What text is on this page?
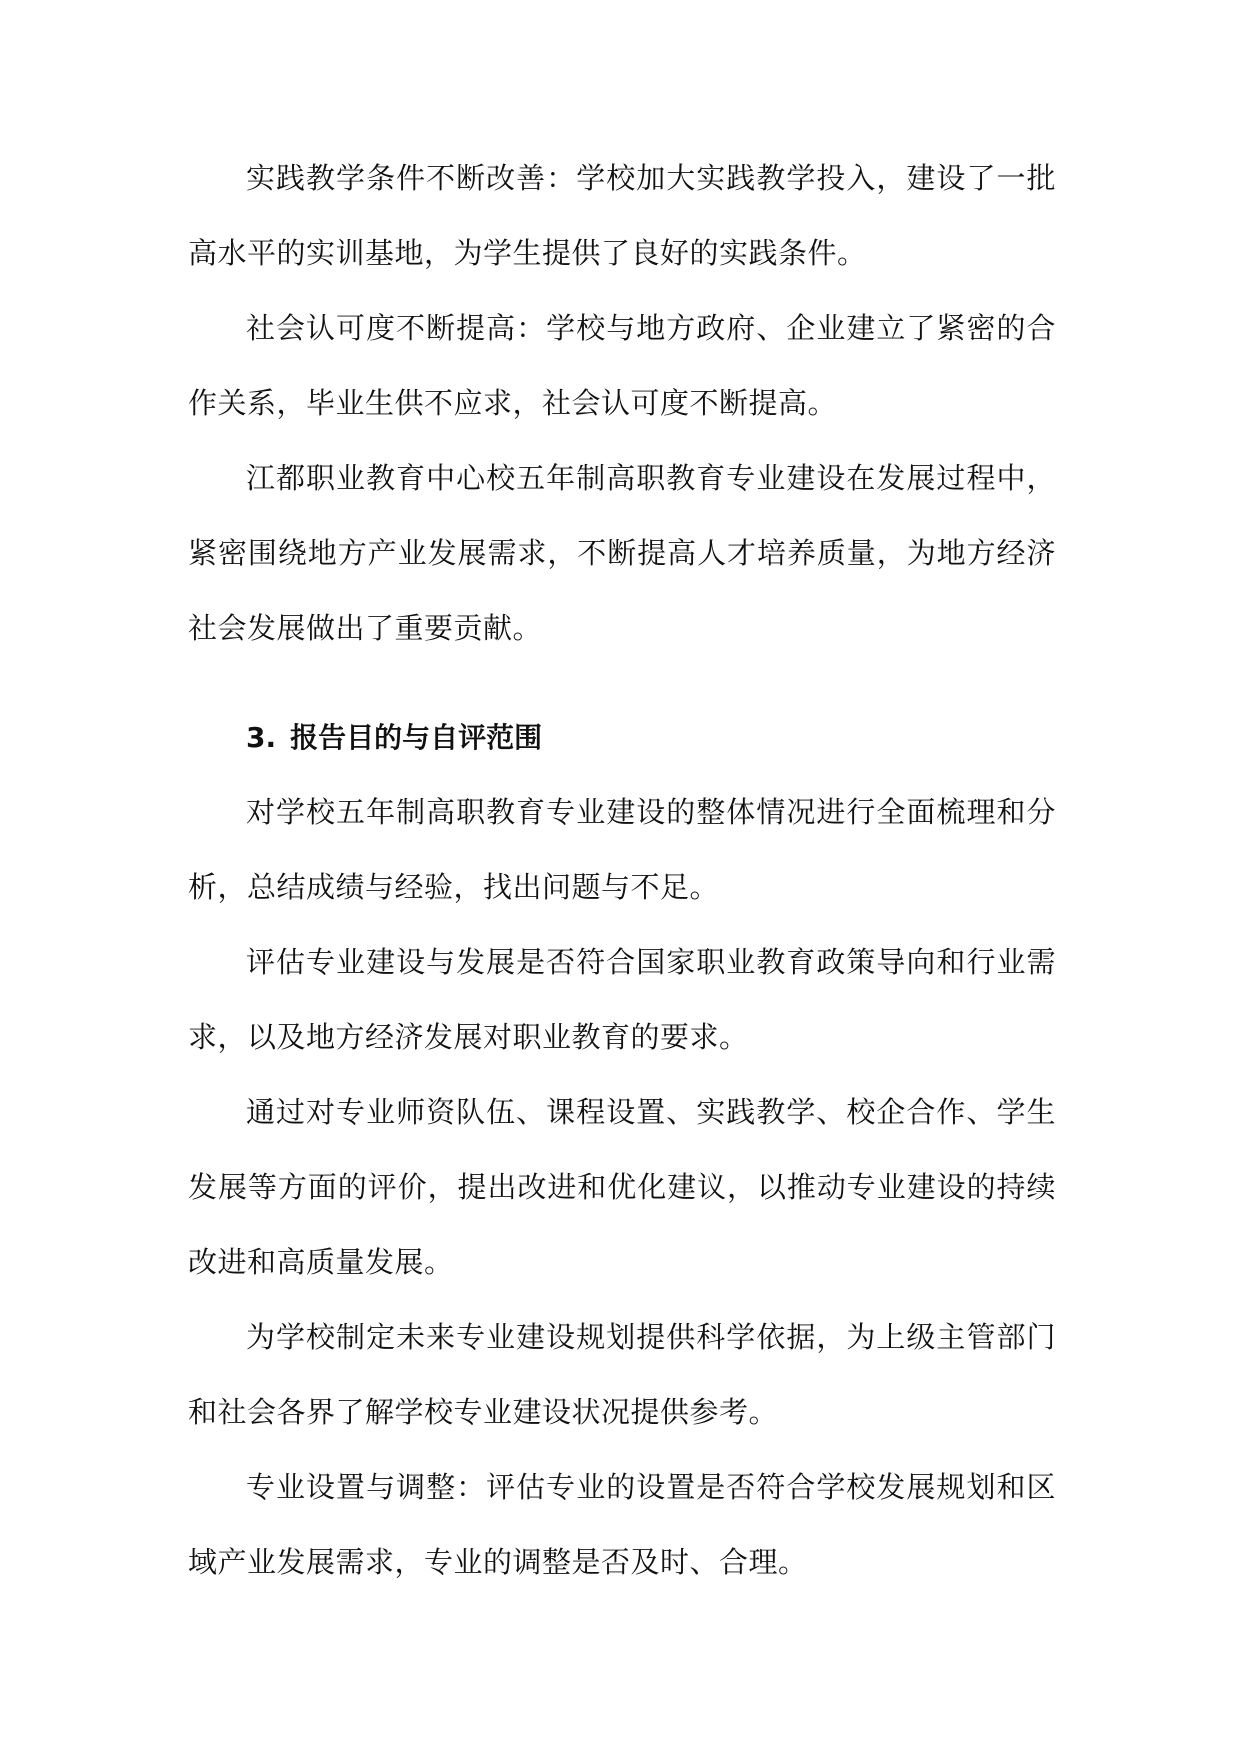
实践教学条件不断改善：学校加大实践教学投入，建设了一批高水平的实训基地，为学生提供了良好的实践条件。

社会认可度不断提高：学校与地方政府、企业建立了紧密的合作关系，毕业生供不应求，社会认可度不断提高。

江都职业教育中心校五年制高职教育专业建设在发展过程中，紧密围绕地方产业发展需求，不断提高人才培养质量，为地方经济社会发展做出了重要贡献。

3. 报告目的与自评范围

对学校五年制高职教育专业建设的整体情况进行全面梳理和分析，总结成绩与经验，找出问题与不足。

评估专业建设与发展是否符合国家职业教育政策导向和行业需求，以及地方经济发展对职业教育的要求。

通过对专业师资队伍、课程设置、实践教学、校企合作、学生发展等方面的评价，提出改进和优化建议，以推动专业建设的持续改进和高质量发展。

为学校制定未来专业建设规划提供科学依据，为上级主管部门和社会各界了解学校专业建设状况提供参考。

专业设置与调整：评估专业的设置是否符合学校发展规划和区域产业发展需求，专业的调整是否及时、合理。
